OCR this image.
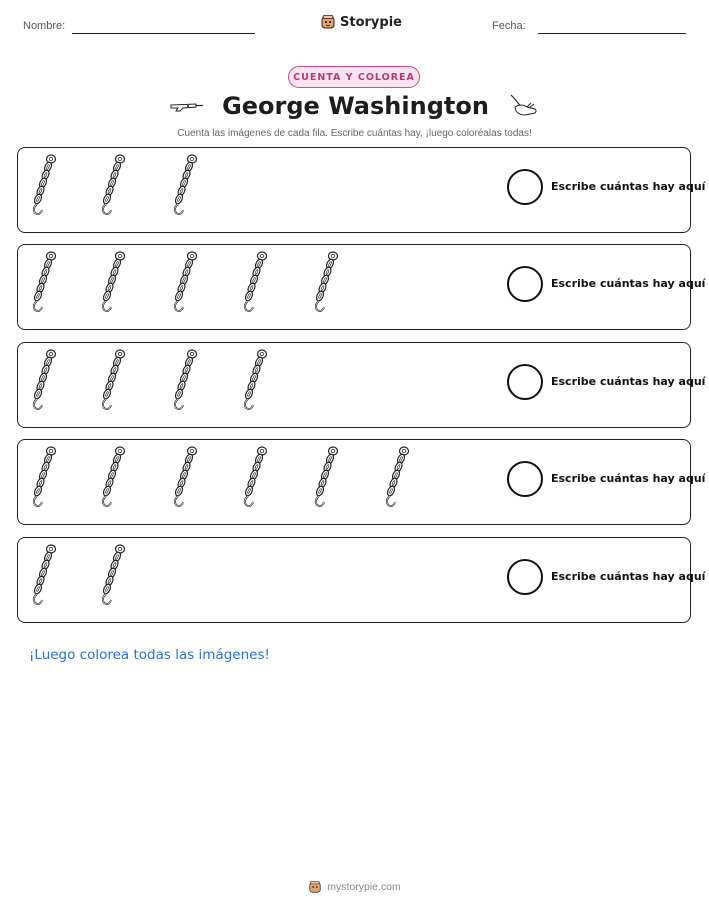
Nombre:	Storypie	Fecha:
CUENTA Y COLOREA
George Washington
Cuenta las imágenes de cada fila. Escribe cuántas hay, ¡luego coloréalas todas!
Escribe cuántas hay aquí
Escribe cuántas hay aquí
Escribe cuántas hay aquí
Escribe cuántas hay aquí
Escribe cuántas hay aquí
¡Luego colorea todas las imágenes!
mystorypie.com
